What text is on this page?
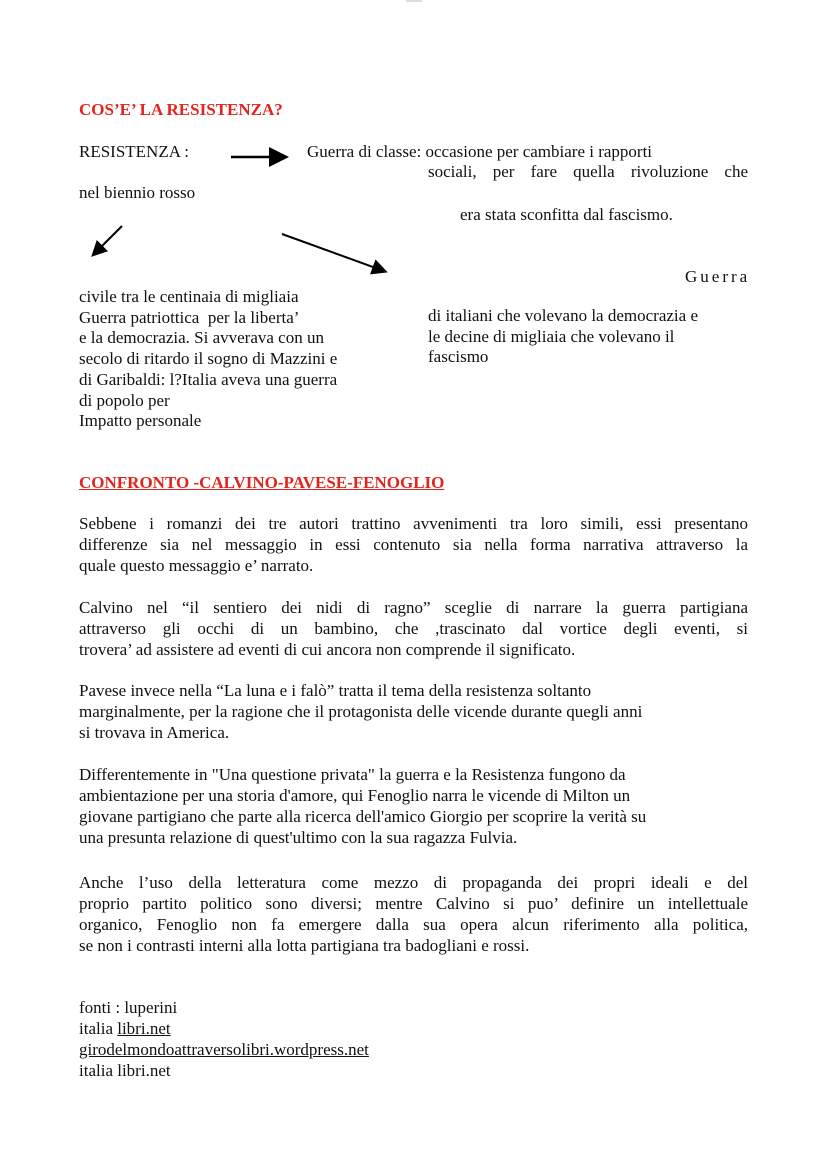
COS’E’ LA RESISTENZA?
RESISTENZA :	Guerra di classe: occasione per cambiare i rapporti
sociali, per fare quella rivoluzione che
nel biennio rosso
era stata sconfitta dal fascismo.
Guerra
civile tra le centinaia di migliaia
Guerra patriottica  per la liberta’
e la democrazia. Si avverava con un
secolo di ritardo il sogno di Mazzini e
di Garibaldi: l?Italia aveva una guerra
di popolo per
Impatto personale
di italiani che volevano la democrazia e
le decine di migliaia che volevano il
fascismo
CONFRONTO -CALVINO-PAVESE-FENOGLIO
Sebbene i romanzi dei tre autori trattino avvenimenti tra loro simili, essi presentano
differenze sia nel messaggio in essi contenuto sia nella forma narrativa attraverso la
quale questo messaggio e’ narrato.
Calvino nel “il sentiero dei nidi di ragno” sceglie di narrare la guerra partigiana
attraverso gli occhi di un bambino, che ,trascinato dal vortice degli eventi, si
trovera’ ad assistere ad eventi di cui ancora non comprende il significato.
Pavese invece nella “La luna e i falò” tratta il tema della resistenza soltanto
marginalmente, per la ragione che il protagonista delle vicende durante quegli anni
si trovava in America.
Differentemente in "Una questione privata" la guerra e la Resistenza fungono da
ambientazione per una storia d'amore, qui Fenoglio narra le vicende di Milton un
giovane partigiano che parte alla ricerca dell'amico Giorgio per scoprire la verità su
una presunta relazione di quest'ultimo con la sua ragazza Fulvia.
Anche l’uso della letteratura come mezzo di propaganda dei propri ideali e del
proprio partito politico sono diversi; mentre Calvino si puo’ definire un intellettuale
organico, Fenoglio non fa emergere dalla sua opera alcun riferimento alla politica,
se non i contrasti interni alla lotta partigiana tra badogliani e rossi.
fonti : luperini
italia libri.net
girodelmondoattraversolibri.wordpress.net
italia libri.net
